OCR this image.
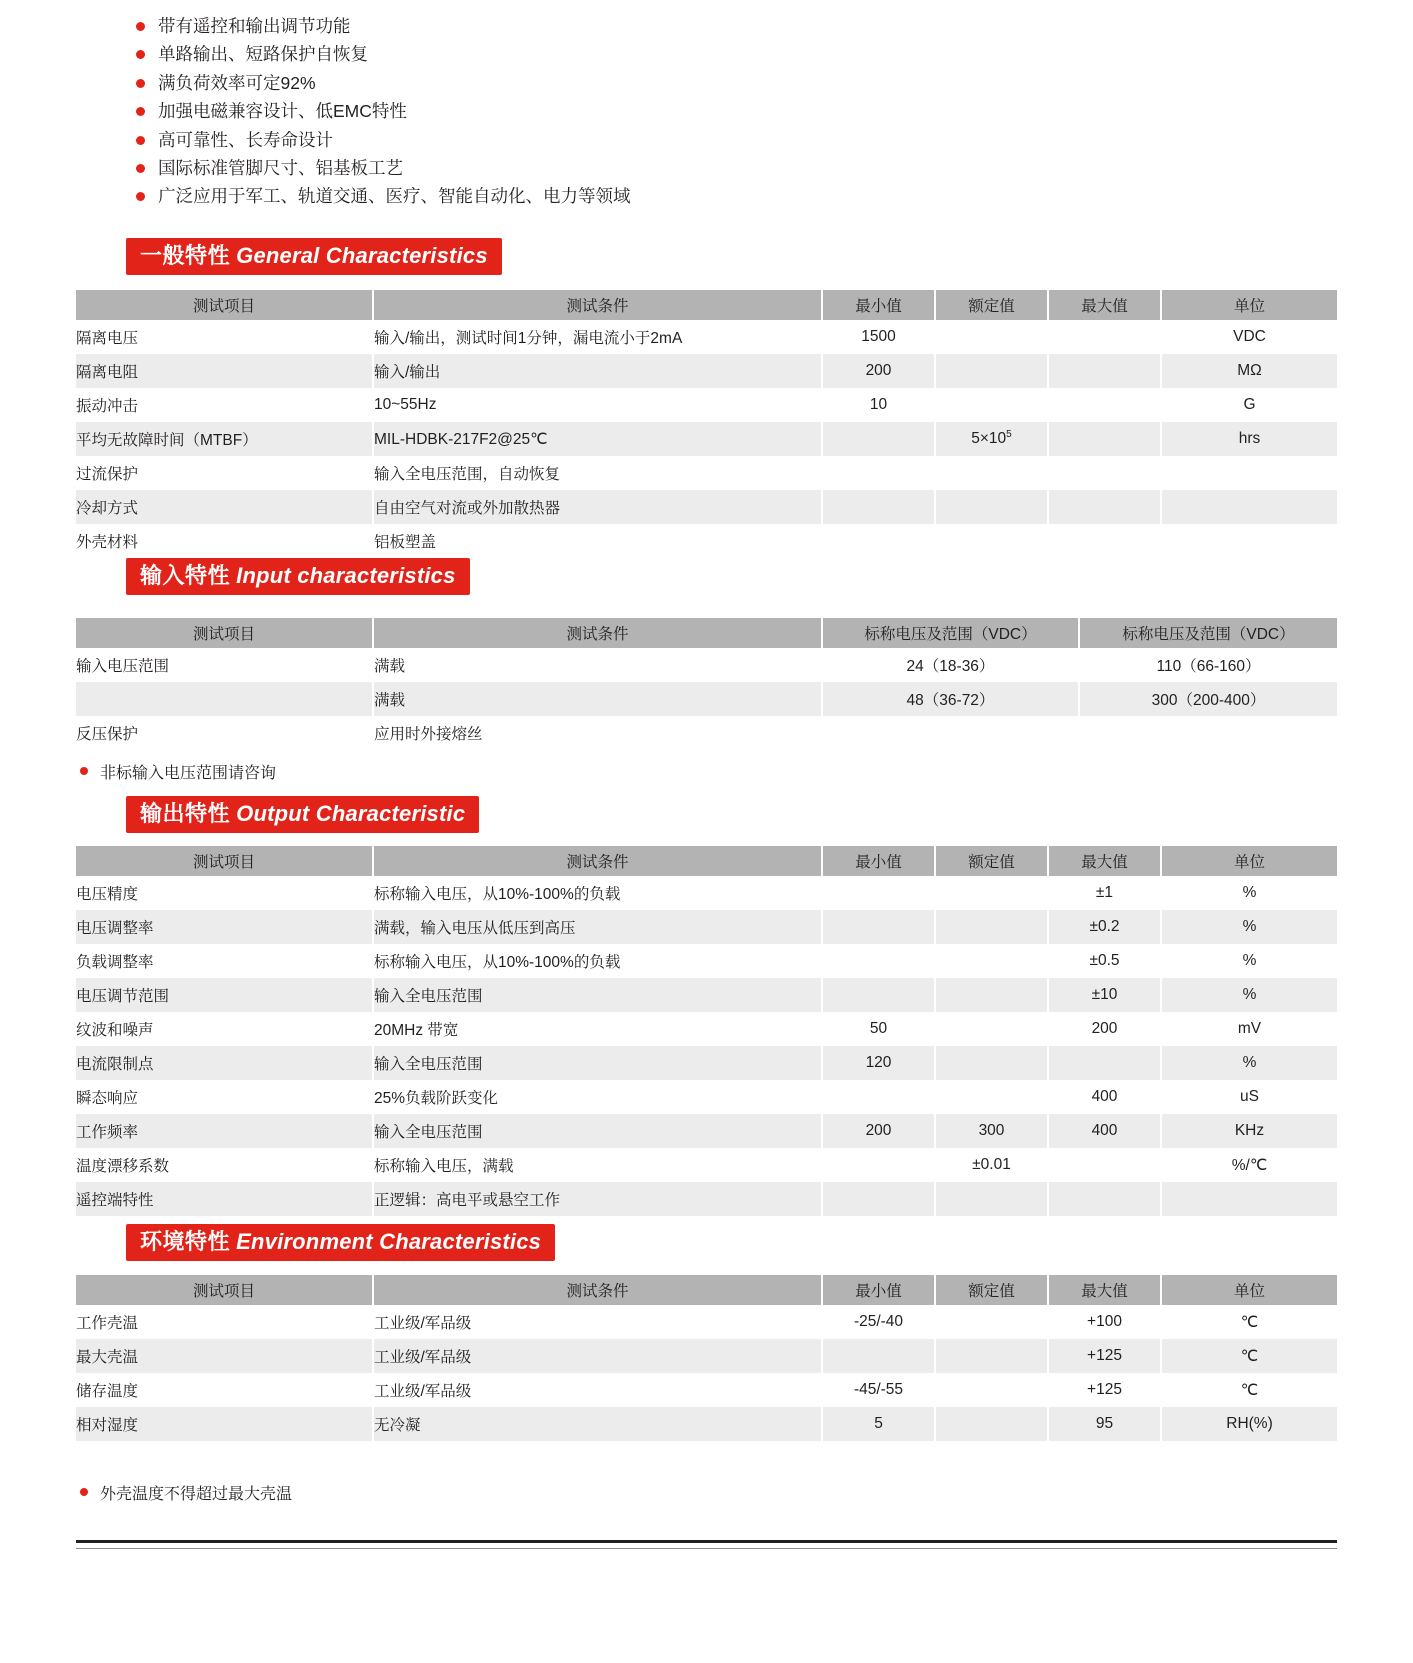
带有遥控和输出调节功能
单路输出、短路保护自恢复
满负荷效率可定92%
加强电磁兼容设计、低EMC特性
高可靠性、长寿命设计
国际标准管脚尺寸、铝基板工艺
广泛应用于军工、轨道交通、医疗、智能自动化、电力等领域
一般特性 General Characteristics
测试项目	测试条件	最小值	额定值	最大值	单位
隔离电压	输入/输出，测试时间1分钟，漏电流小于2mA	1500			VDC
隔离电阻	输入/输出	200			MΩ
振动冲击	10~55Hz	10			G
平均无故障时间（MTBF）	MIL-HDBK-217F2@25℃		$5\times 10^5$		hrs
过流保护	输入全电压范围，自动恢复				
冷却方式	自由空气对流或外加散热器				
外壳材料	铝板塑盖				
输入特性 Input characteristics
测试项目	测试条件	标称电压及范围（VDC）	标称电压及范围（VDC）
输入电压范围	满载	24（18-36）	110（66-160）
	满载	48（36-72）	300（200-400）
反压保护	应用时外接熔丝		
非标输入电压范围请咨询
输出特性 Output Characteristic
测试项目	测试条件	最小值	额定值	最大值	单位
电压精度	标称输入电压，从10%-100%的负载			±1	%
电压调整率	满载，输入电压从低压到高压			±0.2	%
负载调整率	标称输入电压，从10%-100%的负载			±0.5	%
电压调节范围	输入全电压范围			±10	%
纹波和噪声	20MHz 带宽	50		200	mV
电流限制点	输入全电压范围	120			%
瞬态响应	25%负载阶跃变化			400	uS
工作频率	输入全电压范围	200	300	400	KHz
温度漂移系数	标称输入电压，满载		±0.01		%/℃
遥控端特性	正逻辑：高电平或悬空工作				
环境特性 Environment Characteristics
测试项目	测试条件	最小值	额定值	最大值	单位
工作壳温	工业级/军品级	-25/-40		+100	℃
最大壳温	工业级/军品级			+125	℃
储存温度	工业级/军品级	-45/-55		+125	℃
相对湿度	无冷凝	5		95	RH(%)
外壳温度不得超过最大壳温
